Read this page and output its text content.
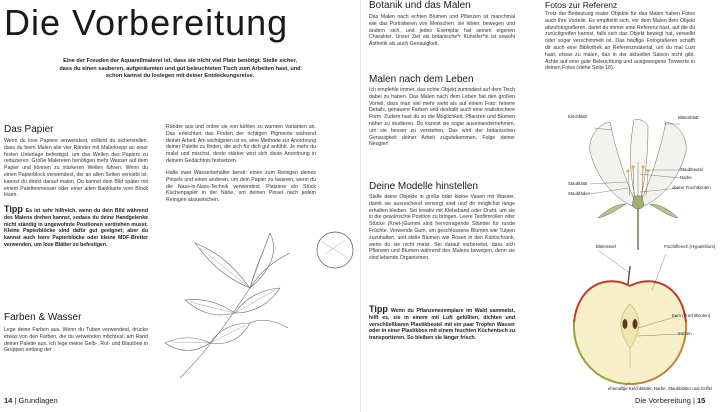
Die Vorbereitung
Eine der Freuden der Aquarellmalerei ist, dass sie nicht viel Platz benötigt. Stelle sicher, dass du einen sauberen, aufgeräumten und gut beleuchteten Tisch zum Arbeiten hast, und schon kannst du loslegen mit deiner Entdeckungsreise.
Das Papier
Wenn du lose Papiere verwendest, solltest du sicherstellen, dass du beim Malen alle vier Ränder mit Malerkrepp an einer festen Unterlage befestigst, um das Wellen des Papiers zu reduzieren. Große Malereien benötigen mehr Wasser auf dem Papier und können zu stärkeren Wellen führen. Wenn du einen Papierblock verwendest, der an allen Seiten verklebt ist, kannst du direkt darauf malen. Du kannst dein Bild später mit einem Palettenmesser oder einer alten Bankkarte vom Block lösen.
Tipp Es ist sehr hilfreich, wenn du dein Bild während des Malens drehen kannst, sodass du deine Handgelenke nicht ständig in ungewohnte Positionen verdrehen musst. Kleine Papierblöcke sind dafür gut geeignet; aber du kannst auch leere Papierblöcke oder kleine MDF-Bretter verwenden, um lose Blätter zu befestigen.
Farben & Wasser
Lege deine Farben aus. Wenn du Tuben verwendest, drücke etwas von den Farben, die du verwenden möchtest, am Rand deiner Palette aus. Ich lege meine Gelb-, Rot- und Blautöne in Gruppen entlang der
Ränder aus und ordne sie von kühlen zu warmen Varianten an. Das erleichtert das Finden der richtigen Pigmente während deiner Arbeit. Am wichtigsten ist es, eine Methode zur Anordnung deiner Palette zu finden, die sich für dich gut anfühlt. Je mehr du malst und mischst, desto stärker wird sich diese Anordnung in deinem Gedächtnis festsetzen.
Halte zwei Wasserbehälter bereit: einen zum Reinigen deines Pinsels und einen anderen, um dein Papier zu lasieren, wenn du die Nass-in-Nass-Technik verwendest. Platziere ein Stück Küchenpapier in der Nähe, um deinen Pinsel nach jedem Reinigen abzuwischen.
14 | Grundlagen
Botanik und das Malen
Das Malen nach echten Blumen und Pflanzen ist manchmal wie das Porträtieren von Menschen: sie leben, bewegen und ändern sich, und jedes Exemplar hat seinen eigenen Charakter. Unser Ziel als botanische*r Künstler*in ist sowohl Ästhetik als auch Genauigkeit.
Malen nach dem Leben
Ich empfehle immer, das echte Objekt zumindest auf dem Tisch dabei zu haben. Das Malen nach dem Leben hat den großen Vorteil, dass man viel mehr sieht als auf einem Foto: feinere Details, genauere Farben und deshalb auch eine realistischere Form. Zudem hast du so die Möglichkeit, Pflanzen und Blumen näher zu studieren. Du kannst sie sogar auseinandernehmen, um sie besser zu verstehen. Das wird der botanischen Genauigkeit deiner Arbeit zugutekommen. Folge deiner Neugier!
Deine Modelle hinstellen
Stelle deine Objekte in große oder kleine Vasen mit Wasser, damit sie ausreichend versorgt sind und dir möglichst lange erhalten bleiben. Sei kreativ mit Klebeband oder Draht, um sie in die gewünschte Position zu bringen. Leere Teoflimrollen oder Stücke (Knet-)Gummi sind hervorragende Ständer für runde Früchte. Verwende Gum, um geschlossene Blumen wie Tulpen zuzuhalten, und stelle Blumen wie Rosen in den Kühlschrank, wenn du sie nicht malst. Sei darauf vorbereitet, dass sich Pflanzen und Blumen während des Malens bewegen, denn sie sind lebende Organismen.
Tipp Wenn du Pflanzenexemplare im Wald sammelst, hilft es, sie in einem mit Luft gefüllten, dichten und verschließbaren Plastikbeutel mit ein paar Tropfen Wasser oder in einer Plastikbox mit einem feuchten Küchentuch zu transportieren. So bleiben sie länger frisch.
Fotos zur Referenz
Trotz der Bedeutung realer Objekte für das Malen haben Fotos auch ihre Vorteile. Es empfiehlt sich, vor dem Malen dein Objekt abzufotografieren, damit du immer eine Referenz hast, auf die du zurückgreifen kannst, falls sich das Objekt bewegt hat, verwelkt oder sogar verschimmelt ist. Das häufige Fotografieren schafft dir auch eine Bibliothek an Referenzmaterial, um du mal Lust hast, etwas zu malen, das in der aktuellen Saison nicht gibt. Achte auf eine gute Beleuchtung und ausgewogene Tonwerte in deinen Fotos (siehe Seite 18).
Die Vorbereitung | 15
Kelchblatt	Blütenblatt
Staubbeutel
Narbe
Staubblatt
Staubfäden
oberer Fruchtknoten
Blütenstiel	Fruchtfleisch (Hypanthium)
Kern (Fruchtknoten)
Samen
ehemalige Kelchblätter, Narbe, Staubblätter und Griffel
